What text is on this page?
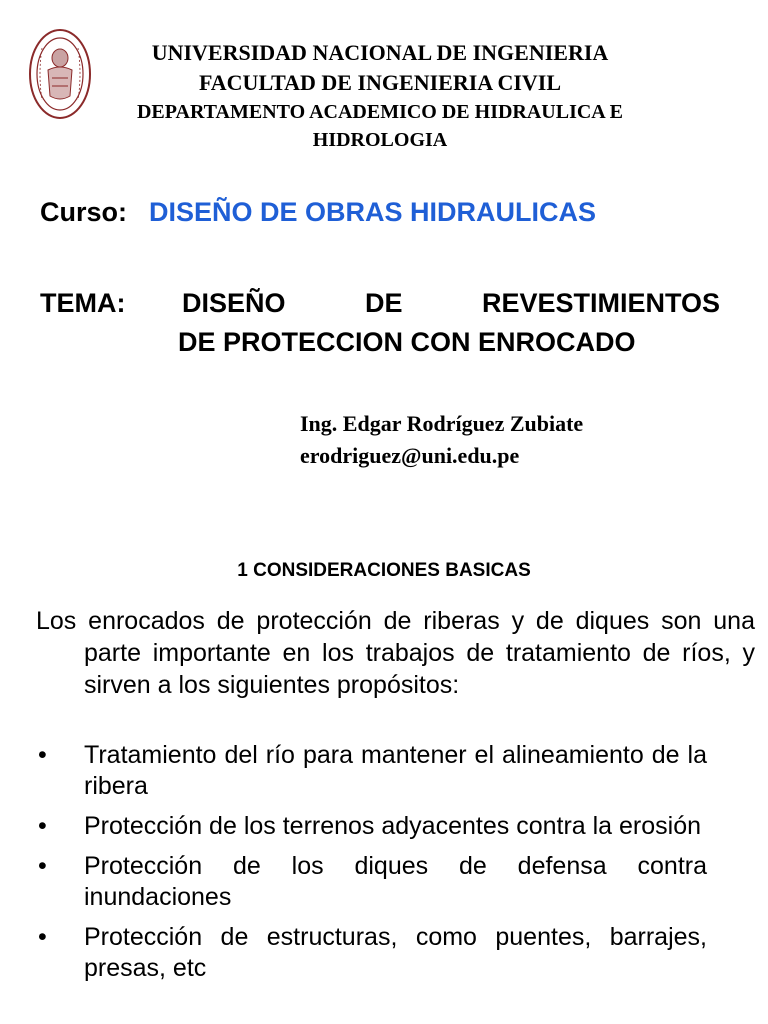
UNIVERSIDAD NACIONAL DE INGENIERIA
FACULTAD DE INGENIERIA CIVIL
DEPARTAMENTO ACADEMICO DE HIDRAULICA E
HIDROLOGIA
Curso: DISEÑO DE OBRAS HIDRAULICAS
TEMA: DISEÑO DE REVESTIMIENTOS
DE PROTECCION CON ENROCADO
Ing. Edgar Rodríguez Zubiate
erodriguez@uni.edu.pe
1 CONSIDERACIONES BASICAS

Los enrocados de protección de riberas y de diques son una parte importante en los trabajos de tratamiento de ríos, y sirven a los siguientes propósitos:

• Tratamiento del río para mantener el alineamiento de la ribera
• Protección de los terrenos adyacentes contra la erosión
• Protección de los diques de defensa contra inundaciones
• Protección de estructuras, como puentes, barrajes, presas, etc
